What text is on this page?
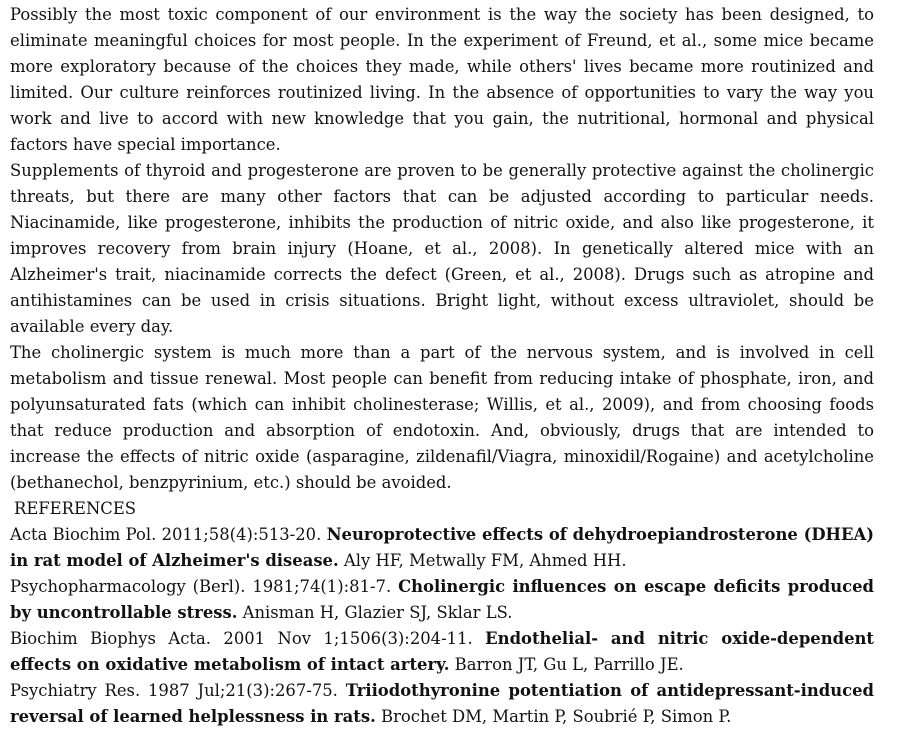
Possibly the most toxic component of our environment is the way the society has been designed, to eliminate meaningful choices for most people. In the experiment of Freund, et al., some mice became more exploratory because of the choices they made, while others' lives became more routinized and limited. Our culture reinforces routinized living. In the absence of opportunities to vary the way you work and live to accord with new knowledge that you gain, the nutritional, hormonal and physical factors have special importance.

Supplements of thyroid and progesterone are proven to be generally protective against the cholinergic threats, but there are many other factors that can be adjusted according to particular needs. Niacinamide, like progesterone, inhibits the production of nitric oxide, and also like progesterone, it improves recovery from brain injury (Hoane, et al., 2008). In genetically altered mice with an Alzheimer's trait, niacinamide corrects the defect (Green, et al., 2008). Drugs such as atropine and antihistamines can be used in crisis situations. Bright light, without excess ultraviolet, should be available every day.

The cholinergic system is much more than a part of the nervous system, and is involved in cell metabolism and tissue renewal. Most people can benefit from reducing intake of phosphate, iron, and polyunsaturated fats (which can inhibit cholinesterase; Willis, et al., 2009), and from choosing foods that reduce production and absorption of endotoxin. And, obviously, drugs that are intended to increase the effects of nitric oxide (asparagine, zildenafil/Viagra, minoxidil/Rogaine) and acetylcholine (bethanechol, benzpyrinium, etc.) should be avoided.

REFERENCES

Acta Biochim Pol. 2011;58(4):513-20. Neuroprotective effects of dehydroepiandrosterone (DHEA) in rat model of Alzheimer's disease. Aly HF, Metwally FM, Ahmed HH.

Psychopharmacology (Berl). 1981;74(1):81-7. Cholinergic influences on escape deficits produced by uncontrollable stress. Anisman H, Glazier SJ, Sklar LS.

Biochim Biophys Acta. 2001 Nov 1;1506(3):204-11. Endothelial- and nitric oxide-dependent effects on oxidative metabolism of intact artery. Barron JT, Gu L, Parrillo JE.

Psychiatry Res. 1987 Jul;21(3):267-75. Triiodothyronine potentiation of antidepressant-induced reversal of learned helplessness in rats. Brochet DM, Martin P, Soubrié P, Simon P.
